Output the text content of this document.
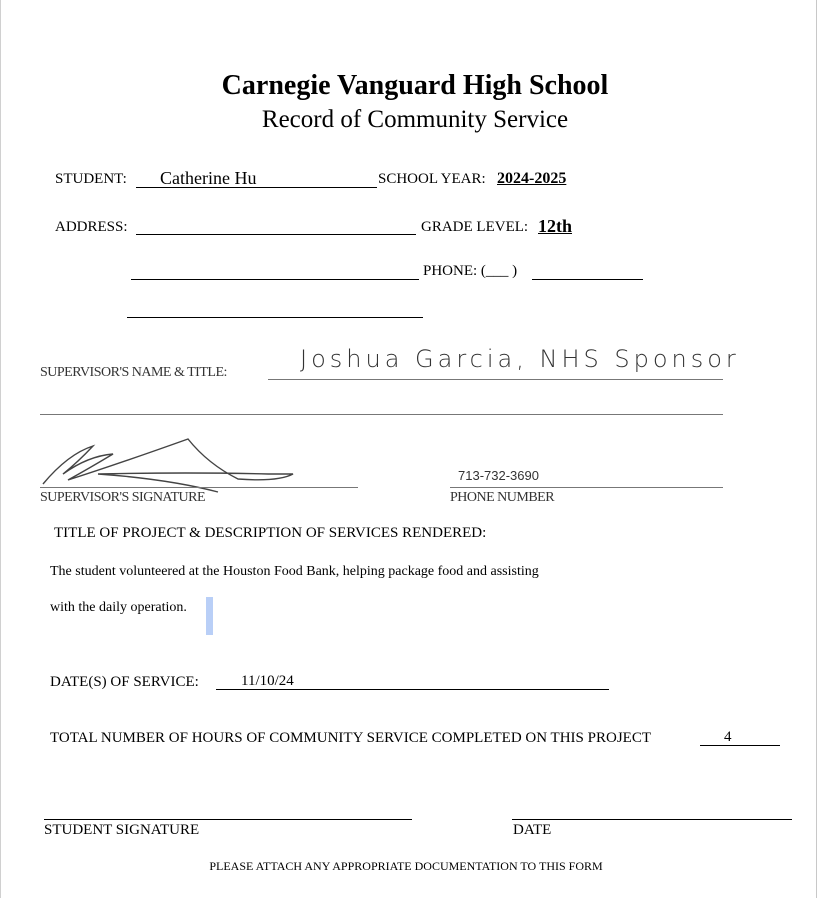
Carnegie Vanguard High School
Record of Community Service
STUDENT: Catherine Hu	SCHOOL YEAR: 2024-2025
ADDRESS:	GRADE LEVEL: 12th
PHONE: (___ )
SUPERVISOR'S NAME & TITLE:	Joshua Garcia, NHS Sponsor
SUPERVISOR'S SIGNATURE
713-732-3690
PHONE NUMBER
TITLE OF PROJECT & DESCRIPTION OF SERVICES RENDERED:
The student volunteered at the Houston Food Bank, helping package food and assisting
with the daily operation.
DATE(S) OF SERVICE:	11/10/24
TOTAL NUMBER OF HOURS OF COMMUNITY SERVICE COMPLETED ON THIS PROJECT	4
STUDENT SIGNATURE	DATE
PLEASE ATTACH ANY APPROPRIATE DOCUMENTATION TO THIS FORM
